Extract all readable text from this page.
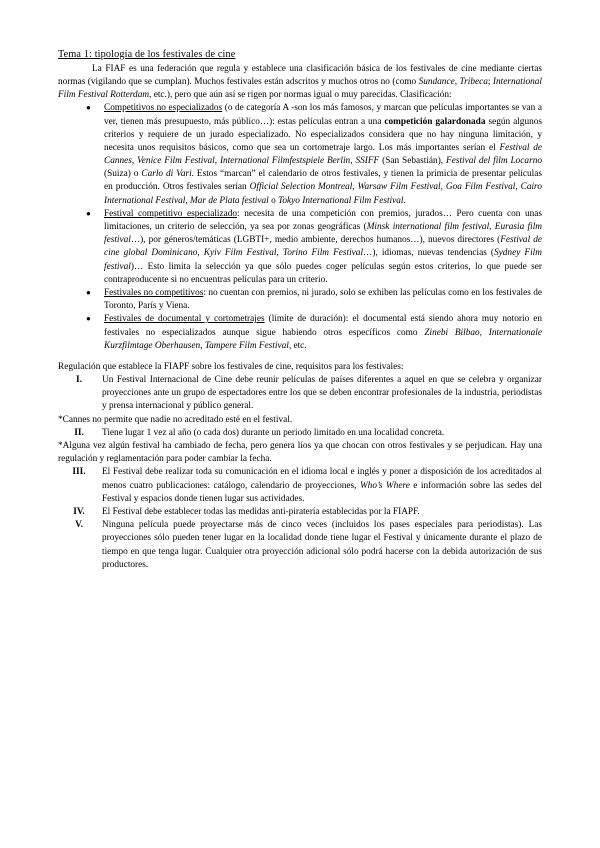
Tema 1: tipología de los festivales de cine

La FIAF es una federación que regula y establece una clasificación básica de los festivales de cine mediante ciertas normas (vigilando que se cumplan). Muchos festivales están adscritos y muchos otros no (como Sundance, Tribeca; International Film Festival Rotterdam, etc.), pero que aún así se rigen por normas igual o muy parecidas. Clasificación:

● Competitivos no especializados (o de categoría A -son los más famosos, y marcan que películas importantes se van a ver, tienen más presupuesto, más público…): estas películas entran a una competición galardonada según algunos criterios y requiere de un jurado especializado. No especializados considera que no hay ninguna limitación, y necesita unos requisitos básicos, como que sea un cortometraje largo. Los más importantes serían el Festival de Cannes, Venice Film Festival, International Filmfestspiele Berlin, SSIFF (San Sebastián), Festival del film Locarno (Suiza) o Carlo di Vari. Estos “marcan” el calendario de otros festivales, y tienen la primicia de presentar películas en producción. Otros festivales serían Official Selection Montreal, Warsaw Film Festival, Goa Film Festival, Cairo International Festival, Mar de Plata festival o Tokyo International Film Festival.
● Festival competitivo especializado: necesita de una competición con premios, jurados… Pero cuenta con unas limitaciones, un criterio de selección, ya sea por zonas geográficas (Minsk international film festival, Eurasia film festival…), por géneros/temáticas (LGBTI+, medio ambiente, derechos humanos…), nuevos directores (Festival de cine global Dominicano, Kyiv Film Festival, Torino Film Festival…), idiomas, nuevas tendencias (Sydney Film festival)… Esto limita la selección ya que sólo puedes coger películas según estos criterios, lo que puede ser contraproducente si no encuentras películas para un criterio.
● Festivales no competitivos: no cuentan con premios, ni jurado, solo se exhiben las películas como en los festivales de Toronto, París y Viena.
● Festivales de documental y cortometrajes (límite de duración): el documental está siendo ahora muy notorio en festivales no especializados aunque sigue habiendo otros específicos como Zinebi Bilbao, Internationale Kurzfilmtage Oberhausen, Tampere Film Festival, etc.

Regulación que establece la FIAPF sobre los festivales de cine, requisitos para los festivales:

I.	Un Festival Internacional de Cine debe reunir películas de países diferentes a aquel en que se celebra y organizar proyecciones ante un grupo de espectadores entre los que se deben encontrar profesionales de la industria, periodistas y prensa internacional y público general.

*Cannes no permite que nadie no acreditado esté en el festival.

II.	Tiene lugar 1 vez al año (o cada dos) durante un periodo limitado en una localidad concreta.

*Alguna vez algún festival ha cambiado de fecha, pero genera líos ya que chocan con otros festivales y se perjudican. Hay una regulación y reglamentación para poder cambiar la fecha.

III.	El Festival debe realizar toda su comunicación en el idioma local e inglés y poner a disposición de los acreditados al menos cuatro publicaciones: catálogo, calendario de proyecciones, Who’s Where e información sobre las sedes del Festival y espacios donde tienen lugar sus actividades.
IV.	El Festival debe establecer todas las medidas anti-piratería establecidas por la FIAPF.
V.	Ninguna película puede proyectarse más de cinco veces (incluidos los pases especiales para periodistas). Las proyecciones sólo pueden tener lugar en la localidad donde tiene lugar el Festival y únicamente durante el plazo de tiempo en que tenga lugar. Cualquier otra proyección adicional sólo podrá hacerse con la debida autorización de sus productores.
